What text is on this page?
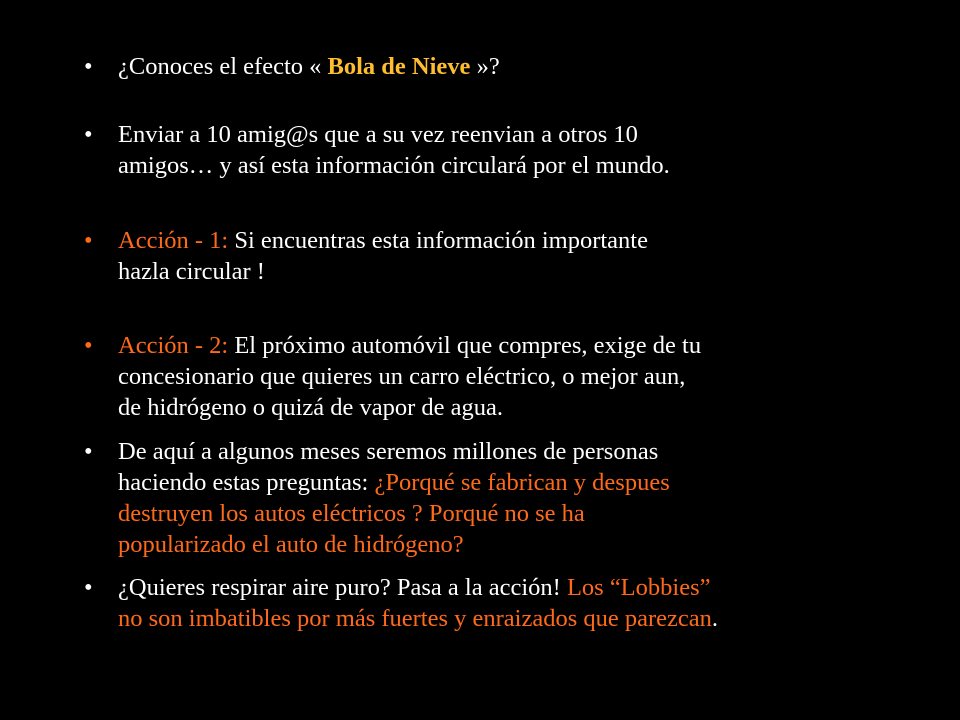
•	¿Conoces el efecto « Bola de Nieve »?
•	Enviar a 10 amig@s que a su vez reenvian a otros 10
amigos… y así esta información circulará por el mundo.
•	Acción - 1: Si encuentras esta información importante
hazla circular !
•	Acción - 2: El próximo automóvil que compres, exige de tu
concesionario que quieres un carro eléctrico, o mejor aun,
de hidrógeno o quizá de vapor de agua.
•	De aquí a algunos meses seremos millones de personas
haciendo estas preguntas: ¿Porqué se fabrican y despues
destruyen los autos eléctricos ? Porqué no se ha
popularizado el auto de hidrógeno?
•	¿Quieres respirar aire puro? Pasa a la acción! Los “Lobbies”
no son imbatibles por más fuertes y enraizados que parezcan.
